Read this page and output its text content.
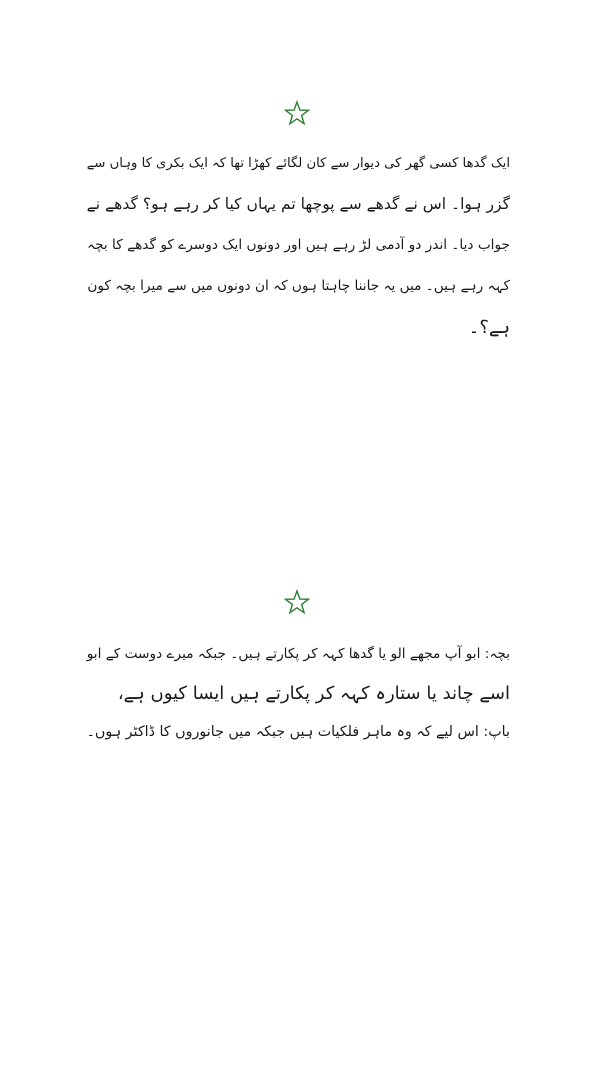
ایک گدھا کسی گھر کی دیوار سے کان لگائے کھڑا تھا کہ ایک بکری کا وہاں سے
گزر ہوا۔ اس نے گدھے سے پوچھا تم یہاں کیا کر رہے ہو؟ گدھے نے
جواب دیا۔ اندر دو آدمی لڑ رہے ہیں اور دونوں ایک دوسرے کو گدھے کا بچہ
کہہ رہے ہیں۔ میں یہ جاننا چاہتا ہوں کہ ان دونوں میں سے میرا بچہ کون
ہے؟۔
بچہ: ابو آپ مجھے الو یا گدھا کہہ کر پکارتے ہیں۔ جبکہ میرے دوست کے ابو
اسے چاند یا ستارہ کہہ کر پکارتے ہیں ایسا کیوں ہے،
باپ: اس لیے کہ وہ ماہر فلکیات ہیں جبکہ میں جانوروں کا ڈاکٹر ہوں۔
